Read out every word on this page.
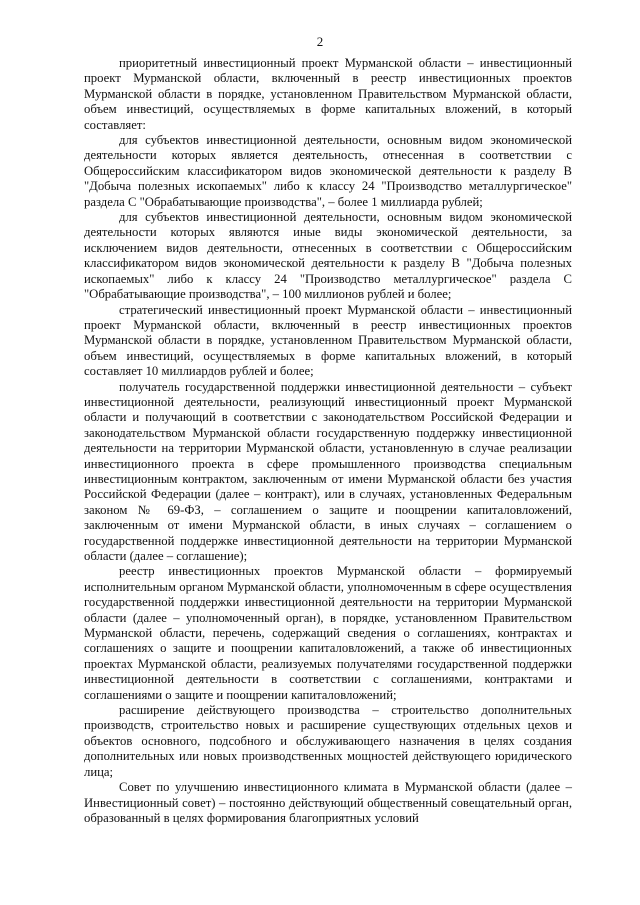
2

приоритетный инвестиционный проект Мурманской области – инвестиционный проект Мурманской области, включенный в реестр инвестиционных проектов Мурманской области в порядке, установленном Правительством Мурманской области, объем инвестиций, осуществляемых в форме капитальных вложений, в который составляет:

для субъектов инвестиционной деятельности, основным видом экономической деятельности которых является деятельность, отнесенная в соответствии с Общероссийским классификатором видов экономической деятельности к разделу B "Добыча полезных ископаемых" либо к классу 24 "Производство металлургическое" раздела C "Обрабатывающие производства", – более 1 миллиарда рублей;

для субъектов инвестиционной деятельности, основным видом экономической деятельности которых являются иные виды экономической деятельности, за исключением видов деятельности, отнесенных в соответствии с Общероссийским классификатором видов экономической деятельности к разделу B "Добыча полезных ископаемых" либо к классу 24 "Производство металлургическое" раздела C "Обрабатывающие производства", – 100 миллионов рублей и более;

стратегический инвестиционный проект Мурманской области – инвестиционный проект Мурманской области, включенный в реестр инвестиционных проектов Мурманской области в порядке, установленном Правительством Мурманской области, объем инвестиций, осуществляемых в форме капитальных вложений, в который составляет 10 миллиардов рублей и более;

получатель государственной поддержки инвестиционной деятельности – субъект инвестиционной деятельности, реализующий инвестиционный проект Мурманской области и получающий в соответствии с законодательством Российской Федерации и законодательством Мурманской области государственную поддержку инвестиционной деятельности на территории Мурманской области, установленную в случае реализации инвестиционного проекта в сфере промышленного производства специальным инвестиционным контрактом, заключенным от имени Мурманской области без участия Российской Федерации (далее – контракт), или в случаях, установленных Федеральным законом № 69-ФЗ, – соглашением о защите и поощрении капиталовложений, заключенным от имени Мурманской области, в иных случаях – соглашением о государственной поддержке инвестиционной деятельности на территории Мурманской области (далее – соглашение);

реестр инвестиционных проектов Мурманской области – формируемый исполнительным органом Мурманской области, уполномоченным в сфере осуществления государственной поддержки инвестиционной деятельности на территории Мурманской области (далее – уполномоченный орган), в порядке, установленном Правительством Мурманской области, перечень, содержащий сведения о соглашениях, контрактах и соглашениях о защите и поощрении капиталовложений, а также об инвестиционных проектах Мурманской области, реализуемых получателями государственной поддержки инвестиционной деятельности в соответствии с соглашениями, контрактами и соглашениями о защите и поощрении капиталовложений;

расширение действующего производства – строительство дополнительных производств, строительство новых и расширение существующих отдельных цехов и объектов основного, подсобного и обслуживающего назначения в целях создания дополнительных или новых производственных мощностей действующего юридического лица;

Совет по улучшению инвестиционного климата в Мурманской области (далее – Инвестиционный совет) – постоянно действующий общественный совещательный орган, образованный в целях формирования благоприятных условий
